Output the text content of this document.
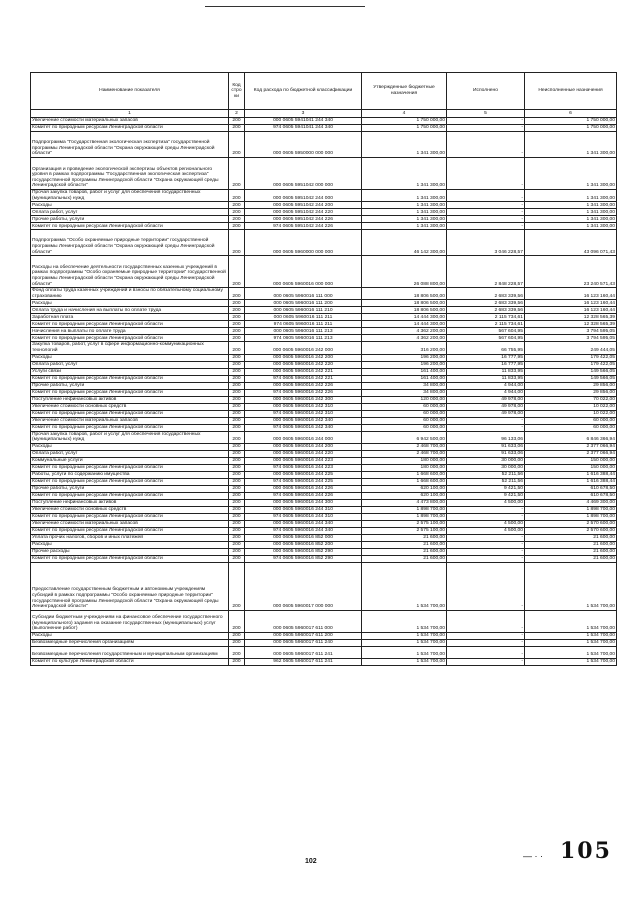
Наименование показателя	Код стро ки	Код расхода по бюджетной классификации	Утвержденные бюджетные назначения	Исполнено	Неисполненные назначения
1	2	3	4	5	6
Увеличение стоимости материальных запасов	200	000 0605 5941041 244 340	1 750 000,00	-	1 750 000,00
Комитет по природным ресурсам Ленинградской области	200	974 0605 5941041 244 340	1 750 000,00	-	1 750 000,00
Подпрограмма "Государственная экологическая экспертиза" государственной программы Ленинградской области "Охрана окружающей среды Ленинградской области"	200	000 0605 5950000 000 000	1 341 300,00	-	1 341 300,00
Организация и проведение экологической экспертизы объектов регионального уровня в рамках подпрограммы "Государственная экологическая экспертиза" государственной программы Ленинградской области "Охрана окружающей среды Ленинградской области"	200	000 0605 5951042 000 000	1 341 300,00	-	1 341 300,00
Прочая закупка товаров, работ и услуг для обеспечения государственных (муниципальных) нужд	200	000 0605 5951042 244 000	1 341 300,00	-	1 341 300,00
Расходы	200	000 0605 5951042 244 200	1 341 300,00	-	1 341 300,00
Оплата работ, услуг	200	000 0605 5951042 244 220	1 341 300,00	-	1 341 300,00
Прочие работы, услуги	200	000 0605 5951042 244 226	1 341 300,00	-	1 341 300,00
Комитет по природным ресурсам Ленинградской области	200	974 0605 5951042 244 226	1 341 300,00	-	1 341 300,00
Подпрограмма "Особо охраняемые природные территории" государственной программы Ленинградской области "Охрана окружающей среды Ленинградской области"	200	000 0605 5960000 000 000	46 142 300,00	3 046 228,57	43 096 071,43
Расходы на обеспечение деятельности государственных казенных учреждений в рамках подпрограммы "Особо охраняемые природные территории" государственной программы Ленинградской области "Охрана окружающей среды Ленинградской области"	200	000 0605 5960016 000 000	26 088 800,00	2 848 228,57	23 240 571,43
Фонд оплаты труда казенных учреждений и взносы по обязательному социальному страхованию	200	000 0605 5960016 111 000	18 806 500,00	2 683 339,56	16 123 160,44
Расходы	200	000 0605 5960016 111 200	18 806 500,00	2 683 339,56	16 123 160,44
Оплата труда и начисления на выплаты по оплате труда	200	000 0605 5960016 111 210	18 806 500,00	2 683 339,56	16 123 160,44
Заработная плата	200	000 0605 5960016 111 211	14 444 300,00	2 115 734,61	12 328 565,39
Комитет по природным ресурсам Ленинградской области	200	974 0605 5960016 111 211	14 444 300,00	2 115 734,61	12 328 565,39
Начисления на выплаты по оплате труда	200	000 0605 5960016 111 213	4 362 200,00	567 604,95	3 794 595,05
Комитет по природным ресурсам Ленинградской области	200	974 0605 5960016 111 213	4 362 200,00	567 604,95	3 794 595,05
Закупка товаров, работ, услуг в сфере информационно-коммуникационных технологий	200	000 0605 5960016 242 000	316 200,00	66 755,95	249 444,05
Расходы	200	000 0605 5960016 242 200	196 200,00	16 777,95	179 422,05
Оплата работ, услуг	200	000 0605 5960016 242 220	196 200,00	16 777,95	179 422,05
Услуги связи	200	000 0605 5960016 242 221	161 400,00	11 833,95	149 566,05
Комитет по природным ресурсам Ленинградской области	200	974 0605 5960016 242 221	161 400,00	11 833,95	149 566,05
Прочие работы, услуги	200	000 0605 5960016 242 226	34 800,00	4 944,00	29 856,00
Комитет по природным ресурсам Ленинградской области	200	974 0605 5960016 242 226	34 800,00	4 944,00	29 856,00
Поступление нефинансовых активов	200	000 0605 5960016 242 300	120 000,00	49 978,00	70 022,00
Увеличение стоимости основных средств	200	000 0605 5960016 242 310	60 000,00	49 978,00	10 022,00
Комитет по природным ресурсам Ленинградской области	200	974 0605 5960016 242 310	60 000,00	49 978,00	10 022,00
Увеличение стоимости материальных запасов	200	000 0605 5960016 242 340	60 000,00	-	60 000,00
Комитет по природным ресурсам Ленинградской области	200	974 0605 5960016 242 340	60 000,00	-	60 000,00
Прочая закупка товаров, работ и услуг для обеспечения государственных (муниципальных) нужд	200	000 0605 5960016 244 000	6 942 500,00	96 133,06	6 846 366,94
Расходы	200	000 0605 5960016 244 200	2 468 700,00	91 633,06	2 377 066,94
Оплата работ, услуг	200	000 0605 5960016 244 220	2 468 700,00	91 633,06	2 377 066,94
Коммунальные услуги	200	000 0605 5960016 244 223	180 000,00	30 000,00	150 000,00
Комитет по природным ресурсам Ленинградской области	200	974 0605 5960016 244 223	180 000,00	30 000,00	150 000,00
Работы, услуги по содержанию имущества	200	000 0605 5960016 244 225	1 668 600,00	52 211,56	1 616 388,44
Комитет по природным ресурсам Ленинградской области	200	974 0605 5960016 244 225	1 668 600,00	52 211,56	1 616 388,44
Прочие работы, услуги	200	000 0605 5960016 244 226	620 100,00	9 421,50	610 678,50
Комитет по природным ресурсам Ленинградской области	200	974 0605 5960016 244 226	620 100,00	9 421,50	610 678,50
Поступление нефинансовых активов	200	000 0605 5960016 244 300	4 473 800,00	4 500,00	4 469 300,00
Увеличение стоимости основных средств	200	000 0605 5960016 244 310	1 898 700,00	-	1 898 700,00
Комитет по природным ресурсам Ленинградской области	200	974 0605 5960016 244 310	1 898 700,00	-	1 898 700,00
Увеличение стоимости материальных запасов	200	000 0605 5960016 244 340	2 575 100,00	4 500,00	2 570 600,00
Комитет по природным ресурсам Ленинградской области	200	974 0605 5960016 244 340	2 575 100,00	4 500,00	2 570 600,00
Уплата прочих налогов, сборов и иных платежей	200	000 0605 5960016 852 000	21 600,00	-	21 600,00
Расходы	200	000 0605 5960016 852 200	21 600,00	-	21 600,00
Прочие расходы	200	000 0605 5960016 852 290	21 600,00	-	21 600,00
Комитет по природным ресурсам Ленинградской области	200	974 0605 5960016 852 290	21 600,00	-	21 600,00
Предоставление государственным бюджетным и автономным учреждениям субсидий в рамках подпрограммы "Особо охраняемые природные территории" государственной программы Ленинградской области "Охрана окружающей среды Ленинградской области"	200	000 0605 5960017 000 000	1 534 700,00	-	1 534 700,00
Субсидии бюджетным учреждениям на финансовое обеспечение государственного (муниципального) задания на оказание государственных (муниципальных) услуг (выполнение работ)	200	000 0605 5960017 611 000	1 534 700,00	-	1 534 700,00
Расходы	200	000 0605 5960017 611 200	1 534 700,00	-	1 534 700,00
Безвозмездные перечисления организациям	200	000 0605 5960017 611 240	1 534 700,00	-	1 534 700,00
Безвозмездные перечисления государственным и муниципальным организациям	200	000 0605 5960017 611 241	1 534 700,00	-	1 534 700,00
Комитет по культуре Ленинградской области	200	962 0605 5960017 611 241	1 534 700,00	-	1 534 700,00
102
— · · 105
